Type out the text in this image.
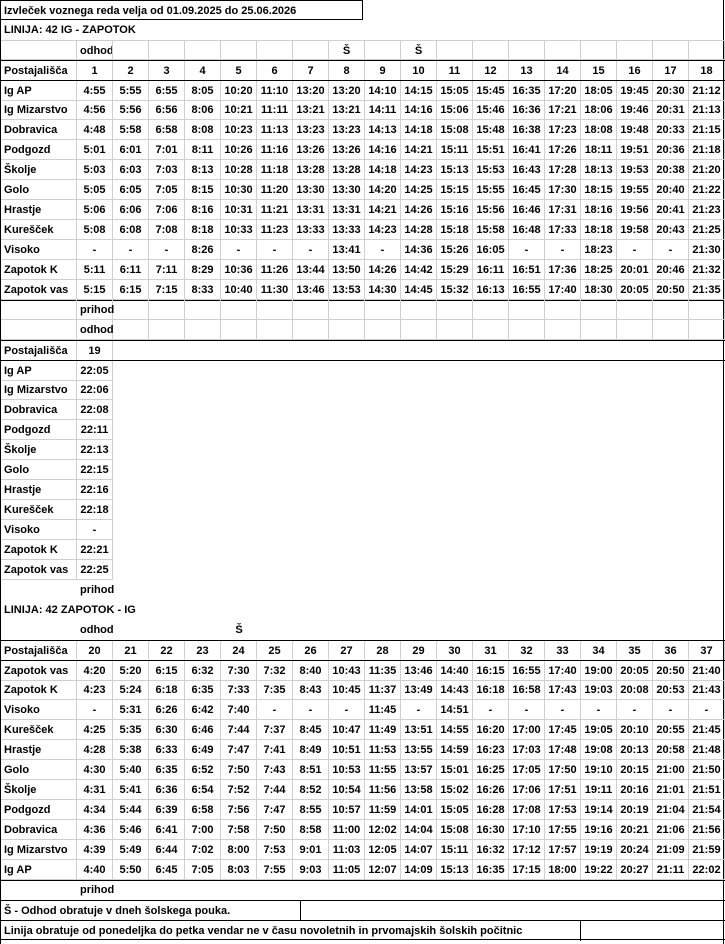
Izvleček voznega reda velja od 01.09.2025 do 25.06.2026
LINIJA: 42 IG - ZAPOTOK
odhod	Š	Š
Postajališča	1	2	3	4	5	6	7	8	9	10	11	12	13	14	15	16	17	18
Ig AP	4:55	5:55	6:55	8:05 10:20 11:10 13:20 13:20 14:10 14:15 15:05 15:45 16:35 17:20 18:05 19:45 20:30 21:12
Ig Mizarstvo	4:56	5:56	6:56	8:06 10:21 11:11 13:21 13:21 14:11 14:16 15:06 15:46 16:36 17:21 18:06 19:46 20:31 21:13
Dobravica	4:48	5:58	6:58	8:08 10:23 11:13 13:23 13:23 14:13 14:18 15:08 15:48 16:38 17:23 18:08 19:48 20:33 21:15
Podgozd	5:01	6:01	7:01	8:11	10:26 11:16 13:26 13:26 14:16 14:21 15:11 15:51 16:41 17:26 18:11 19:51 20:36 21:18
Školje	5:03	6:03	7:03	8:13 10:28 11:18 13:28 13:28 14:18 14:23 15:13 15:53 16:43 17:28 18:13 19:53 20:38 21:20
Golo	5:05	6:05	7:05	8:15 10:30 11:20 13:30 13:30 14:20 14:25 15:15 15:55 16:45 17:30 18:15 19:55 20:40 21:22
Hrastje	5:06	6:06	7:06	8:16 10:31 11:21 13:31 13:31 14:21 14:26 15:16 15:56 16:46 17:31 18:16 19:56 20:41 21:23
Kurešček	5:08	6:08	7:08	8:18 10:33 11:23 13:33 13:33 14:23 14:28 15:18 15:58 16:48 17:33 18:18 19:58 20:43 21:25
Visoko	-	-	-	8:26	-	-	-	13:41	-	14:36 15:26 16:05	-	-	18:23	-	-	21:30
Zapotok K	5:11	6:11	7:11	8:29 10:36 11:26 13:44 13:50 14:26 14:42 15:29 16:11 16:51 17:36 18:25 20:01 20:46 21:32
Zapotok vas	5:15	6:15	7:15	8:33 10:40 11:30 13:46 13:53 14:30 14:45 15:32 16:13 16:55 17:40 18:30 20:05 20:50 21:35
prihod
odhod
Postajališča	19
Ig AP	22:05
Ig Mizarstvo	22:06
Dobravica	22:08
Podgozd	22:11
Školje	22:13
Golo	22:15
Hrastje	22:16
Kurešček	22:18
Visoko	-
Zapotok K	22:21
Zapotok vas	22:25
prihod
LINIJA: 42 ZAPOTOK - IG
odhod	Š
Postajališča	20	21	22	23	24	25	26	27	28	29	30	31	32	33	34	35	36	37
Zapotok vas	4:20	5:20	6:15	6:32	7:30	7:32	8:40 10:43 11:35 13:46 14:40 16:15 16:55 17:40 19:00 20:05 20:50 21:40
Zapotok K	4:23	5:24	6:18	6:35	7:33	7:35	8:43 10:45 11:37 13:49 14:43 16:18 16:58 17:43 19:03 20:08 20:53 21:43
Visoko	-	5:31	6:26	6:42	7:40	-	-	-	11:45	-	14:51	-	-	-	-	-	-	-
Kurešček	4:25	5:35	6:30	6:46	7:44	7:37	8:45 10:47 11:49 13:51 14:55 16:20 17:00 17:45 19:05 20:10 20:55 21:45
Hrastje	4:28	5:38	6:33	6:49	7:47	7:41	8:49 10:51 11:53 13:55 14:59 16:23 17:03 17:48 19:08 20:13 20:58 21:48
Golo	4:30	5:40	6:35	6:52	7:50	7:43	8:51 10:53 11:55 13:57 15:01 16:25 17:05 17:50 19:10 20:15 21:00 21:50
Školje	4:31	5:41	6:36	6:54	7:52	7:44	8:52 10:54 11:56 13:58 15:02 16:26 17:06 17:51 19:11 20:16 21:01 21:51
Podgozd	4:34	5:44	6:39	6:58	7:56	7:47	8:55 10:57 11:59 14:01 15:05 16:28 17:08 17:53 19:14 20:19 21:04 21:54
Dobravica	4:36	5:46	6:41	7:00	7:58	7:50	8:58	11:00 12:02 14:04 15:08 16:30 17:10 17:55 19:16 20:21 21:06 21:56
Ig Mizarstvo	4:39	5:49	6:44	7:02	8:00	7:53	9:01	11:03 12:05 14:07 15:11 16:32 17:12 17:57 19:19 20:24 21:09 21:59
Ig AP	4:40	5:50	6:45	7:05	8:03	7:55	9:03	11:05 12:07 14:09 15:13 16:35 17:15 18:00 19:22 20:27 21:11 22:02
prihod
Š - Odhod obratuje v dneh šolskega pouka.
Linija obratuje od ponedeljka do petka vendar ne v času novoletnih in prvomajskih šolskih počitnic
